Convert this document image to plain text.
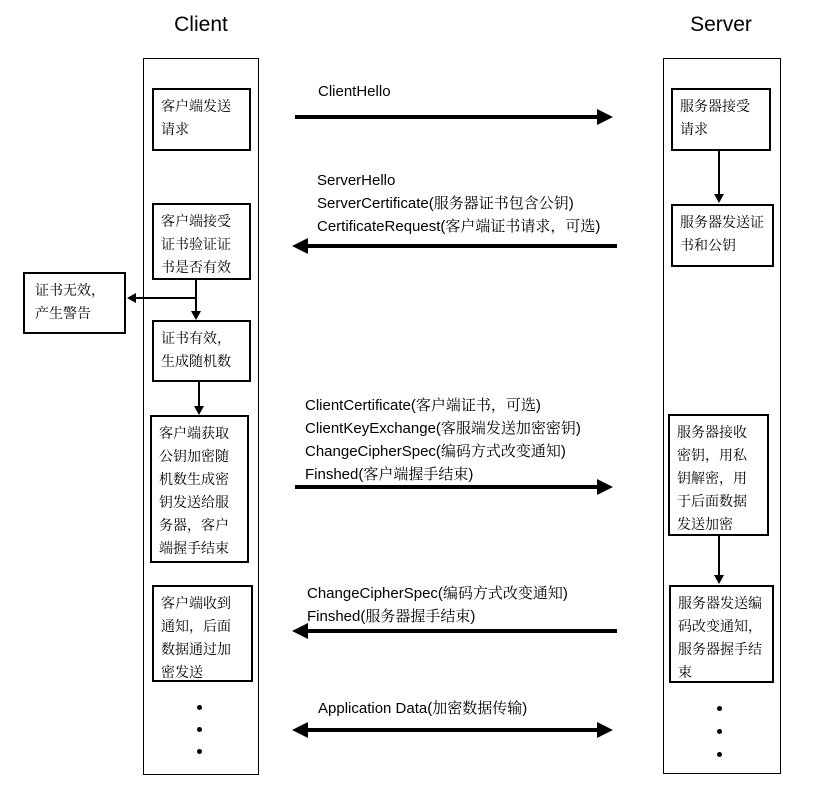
Client	Server
客户端发送请求
客户端接受证书验证证书是否有效
证书有效，生成随机数
客户端获取公钥加密随机数生成密钥发送给服务器，客户端握手结束
客户端收到通知，后面数据通过加密发送
证书无效，产生警告
服务器接受请求
服务器发送证书和公钥
服务器接收密钥，用私钥解密，用于后面数据发送加密
服务器发送编码改变通知，服务器握手结束
ClientHello
ServerHello
ServerCertificate(服务器证书包含公钥)
CertificateRequest(客户端证书请求，可选)
ClientCertificate(客户端证书，可选)
ClientKeyExchange(客服端发送加密密钥)
ChangeCipherSpec(编码方式改变通知)
Finshed(客户端握手结束)
ChangeCipherSpec(编码方式改变通知)
Finshed(服务器握手结束)
Application Data(加密数据传输)
